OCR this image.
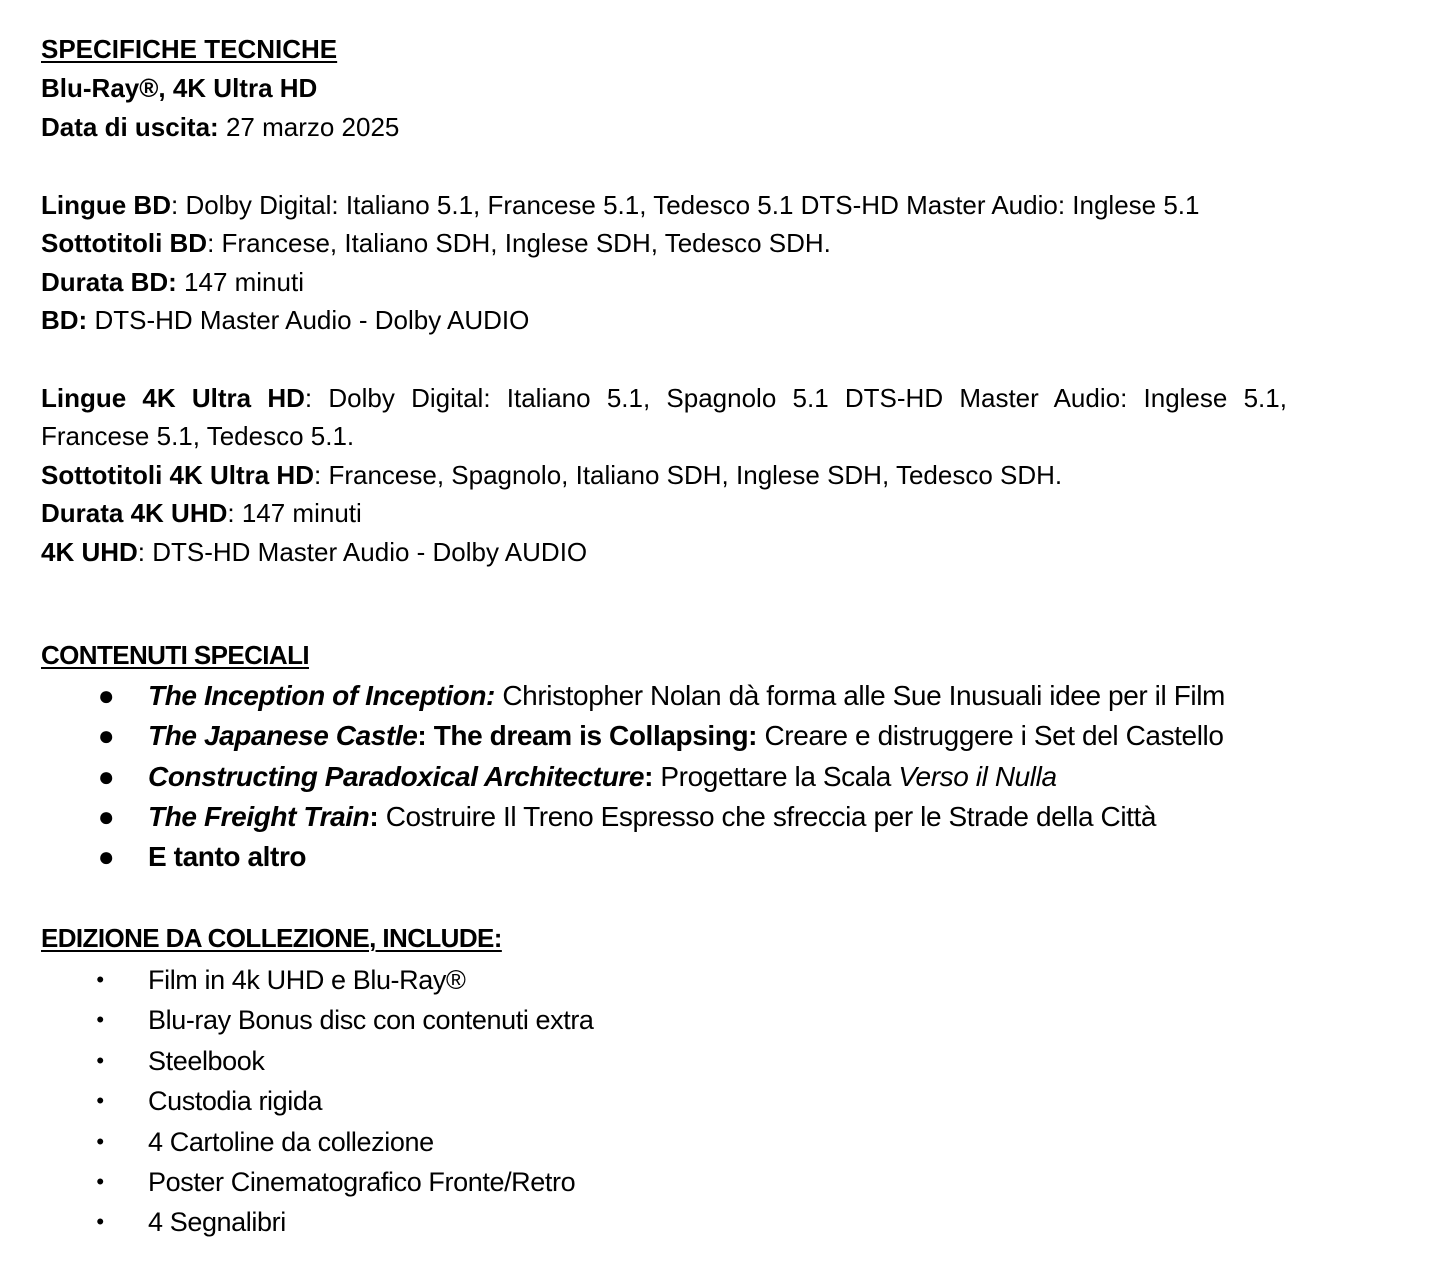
SPECIFICHE TECNICHE
Blu-Ray®, 4K Ultra HD
Data di uscita: 27 marzo 2025
Lingue BD: Dolby Digital: Italiano 5.1, Francese 5.1, Tedesco 5.1 DTS-HD Master Audio: Inglese 5.1
Sottotitoli BD: Francese, Italiano SDH, Inglese SDH, Tedesco SDH.
Durata BD: 147 minuti
BD: DTS-HD Master Audio - Dolby AUDIO
Lingue 4K Ultra HD: Dolby Digital: Italiano 5.1, Spagnolo 5.1 DTS-HD Master Audio: Inglese 5.1,
Francese 5.1, Tedesco 5.1.
Sottotitoli 4K Ultra HD: Francese, Spagnolo, Italiano SDH, Inglese SDH, Tedesco SDH.
Durata 4K UHD: 147 minuti
4K UHD: DTS-HD Master Audio - Dolby AUDIO
CONTENUTI SPECIALI
● The Inception of Inception: Christopher Nolan dà forma alle Sue Inusuali idee per il Film
● The Japanese Castle: The dream is Collapsing: Creare e distruggere i Set del Castello
● Constructing Paradoxical Architecture: Progettare la Scala Verso il Nulla
● The Freight Train: Costruire Il Treno Espresso che sfreccia per le Strade della Città
● E tanto altro
EDIZIONE DA COLLEZIONE, INCLUDE:
• Film in 4k UHD e Blu-Ray®
• Blu-ray Bonus disc con contenuti extra
• Steelbook
• Custodia rigida
• 4 Cartoline da collezione
• Poster Cinematografico Fronte/Retro
• 4 Segnalibri
